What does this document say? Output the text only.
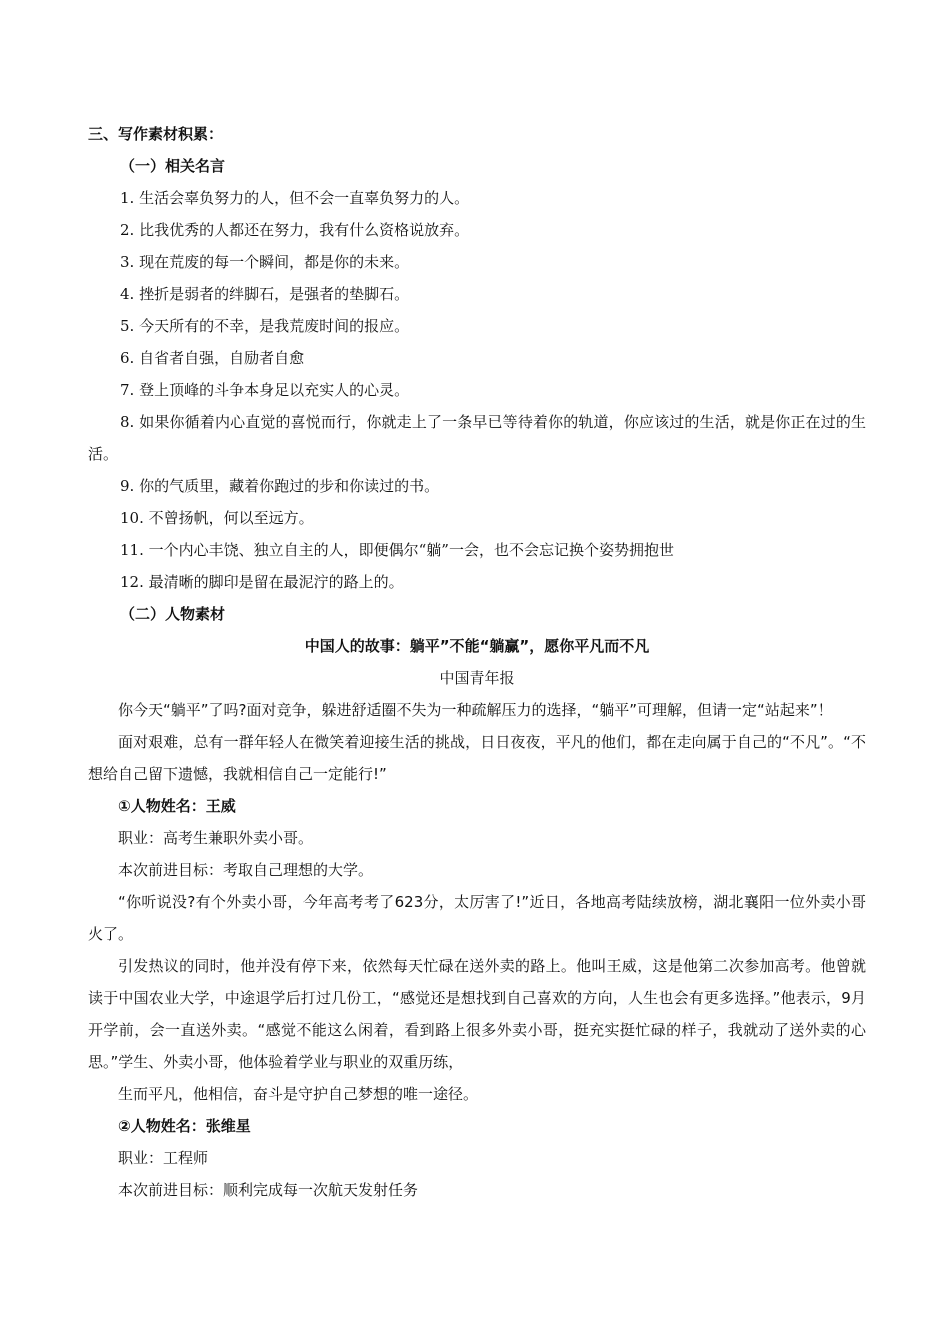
三、写作素材积累：
（一）相关名言
1. 生活会辜负努力的人，但不会一直辜负努力的人。
2. 比我优秀的人都还在努力，我有什么资格说放弃。
3. 现在荒废的每一个瞬间，都是你的未来。
4. 挫折是弱者的绊脚石，是强者的垫脚石。
5. 今天所有的不幸，是我荒废时间的报应。
6. 自省者自强，自励者自愈
7. 登上顶峰的斗争本身足以充实人的心灵。
8. 如果你循着内心直觉的喜悦而行，你就走上了一条早已等待着你的轨道，你应该过的生活，就是你正在过的生活。
9. 你的气质里，藏着你跑过的步和你读过的书。
10. 不曾扬帆，何以至远方。
11. 一个内心丰饶、独立自主的人，即便偶尔“躺”一会，也不会忘记换个姿势拥抱世
12. 最清晰的脚印是留在最泥泞的路上的。
（二）人物素材
中国人的故事：躺平”不能“躺赢”，愿你平凡而不凡
中国青年报
你今天“躺平”了吗?面对竞争，躲进舒适圈不失为一种疏解压力的选择，“躺平”可理解，但请一定“站起来”！
面对艰难，总有一群年轻人在微笑着迎接生活的挑战，日日夜夜，平凡的他们，都在走向属于自己的“不凡”。“不想给自己留下遗憾，我就相信自己一定能行!”
①人物姓名：王威
职业：高考生兼职外卖小哥。
本次前进目标：考取自己理想的大学。
“你听说没?有个外卖小哥，今年高考考了623分，太厉害了!”近日，各地高考陆续放榜，湖北襄阳一位外卖小哥火了。
引发热议的同时，他并没有停下来，依然每天忙碌在送外卖的路上。他叫王威，这是他第二次参加高考。他曾就读于中国农业大学，中途退学后打过几份工，“感觉还是想找到自己喜欢的方向，人生也会有更多选择。”他表示，9月开学前，会一直送外卖。“感觉不能这么闲着，看到路上很多外卖小哥，挺充实挺忙碌的样子，我就动了送外卖的心思。”学生、外卖小哥，他体验着学业与职业的双重历练，
生而平凡，他相信，奋斗是守护自己梦想的唯一途径。
②人物姓名：张维星
职业：工程师
本次前进目标：顺利完成每一次航天发射任务
